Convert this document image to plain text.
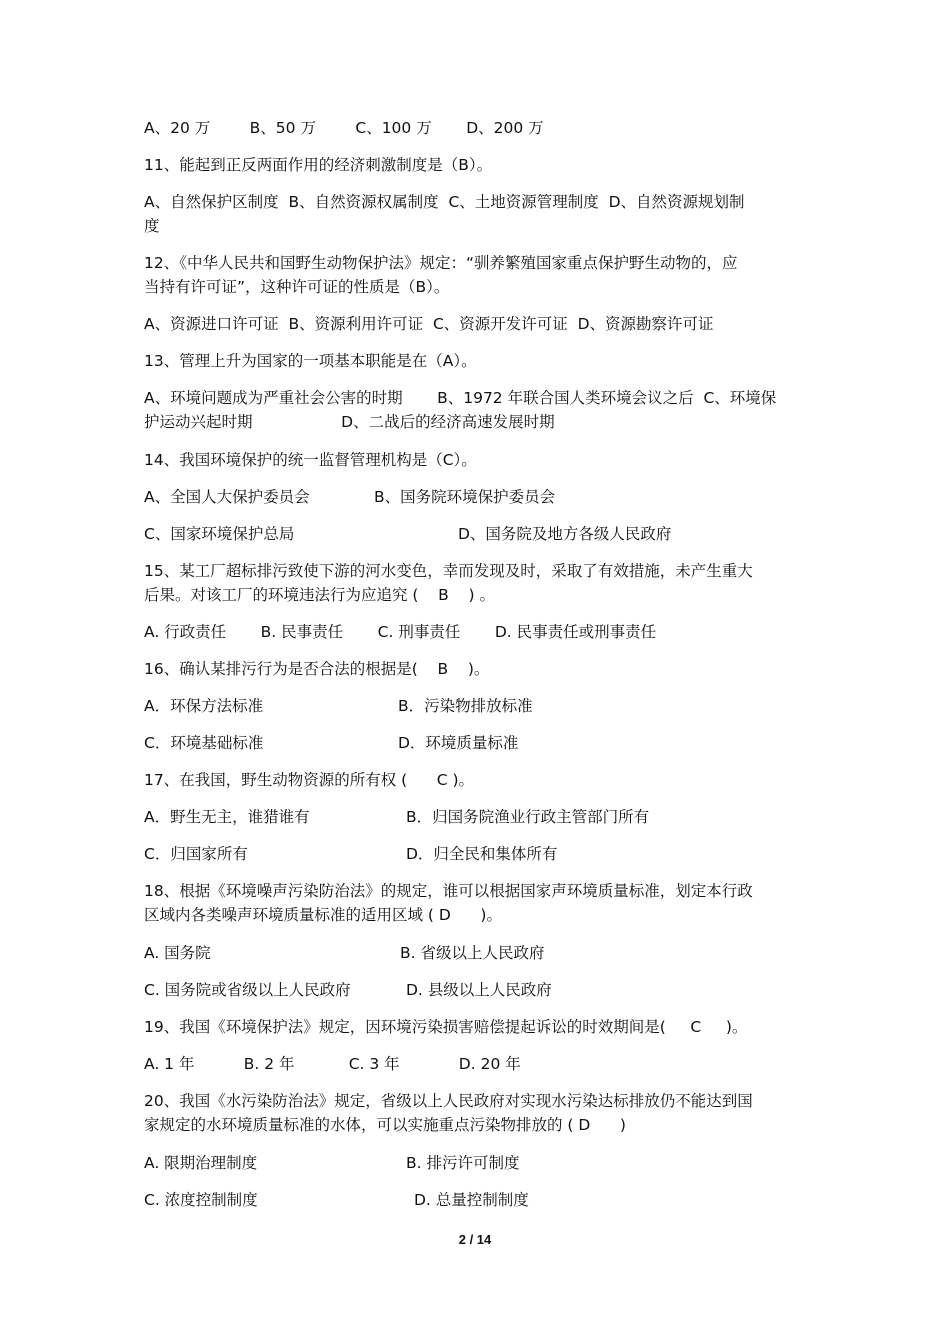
A、20 万        B、50 万        C、100 万       D、200 万
11、能起到正反两面作用的经济刺激制度是（B）。
A、自然保护区制度  B、自然资源权属制度  C、土地资源管理制度  D、自然资源规划制
度
12、《中华人民共和国野生动物保护法》规定：“驯养繁殖国家重点保护野生动物的，应
当持有许可证”，这种许可证的性质是（B）。
A、资源进口许可证  B、资源利用许可证  C、资源开发许可证  D、资源勘察许可证
13、管理上升为国家的一项基本职能是在（A）。
A、环境问题成为严重社会公害的时期       B、1972 年联合国人类环境会议之后  C、环境保
护运动兴起时期                  D、二战后的经济高速发展时期
14、我国环境保护的统一监督管理机构是（C）。
A、全国人大保护委员会	B、国务院环境保护委员会
C、国家环境保护总局	D、国务院及地方各级人民政府
15、某工厂超标排污致使下游的河水变色，幸而发现及时，采取了有效措施，未产生重大
后果。对该工厂的环境违法行为应追究 (    B    ) 。
A. 行政责任       B. 民事责任       C. 刑事责任       D. 民事责任或刑事责任
16、确认某排污行为是否合法的根据是(    B    )。
A．环保方法标准	B．污染物排放标准
C．环境基础标准	D．环境质量标准
17、在我国，野生动物资源的所有权 (      C )。
A．野生无主，谁猎谁有	B．归国务院渔业行政主管部门所有
C．归国家所有	D．归全民和集体所有
18、根据《环境噪声污染防治法》的规定，谁可以根据国家声环境质量标准，划定本行政
区域内各类噪声环境质量标准的适用区域 ( D      )。
A. 国务院	B. 省级以上人民政府
C. 国务院或省级以上人民政府	D. 县级以上人民政府
19、我国《环境保护法》规定，因环境污染损害赔偿提起诉讼的时效期间是(     C     )。
A. 1 年          B. 2 年           C. 3 年            D. 20 年
20、我国《水污染防治法》规定，省级以上人民政府对实现水污染达标排放仍不能达到国
家规定的水环境质量标准的水体，可以实施重点污染物排放的 ( D      )
A. 限期治理制度	B. 排污许可制度
C. 浓度控制制度	D. 总量控制制度
2 / 14
